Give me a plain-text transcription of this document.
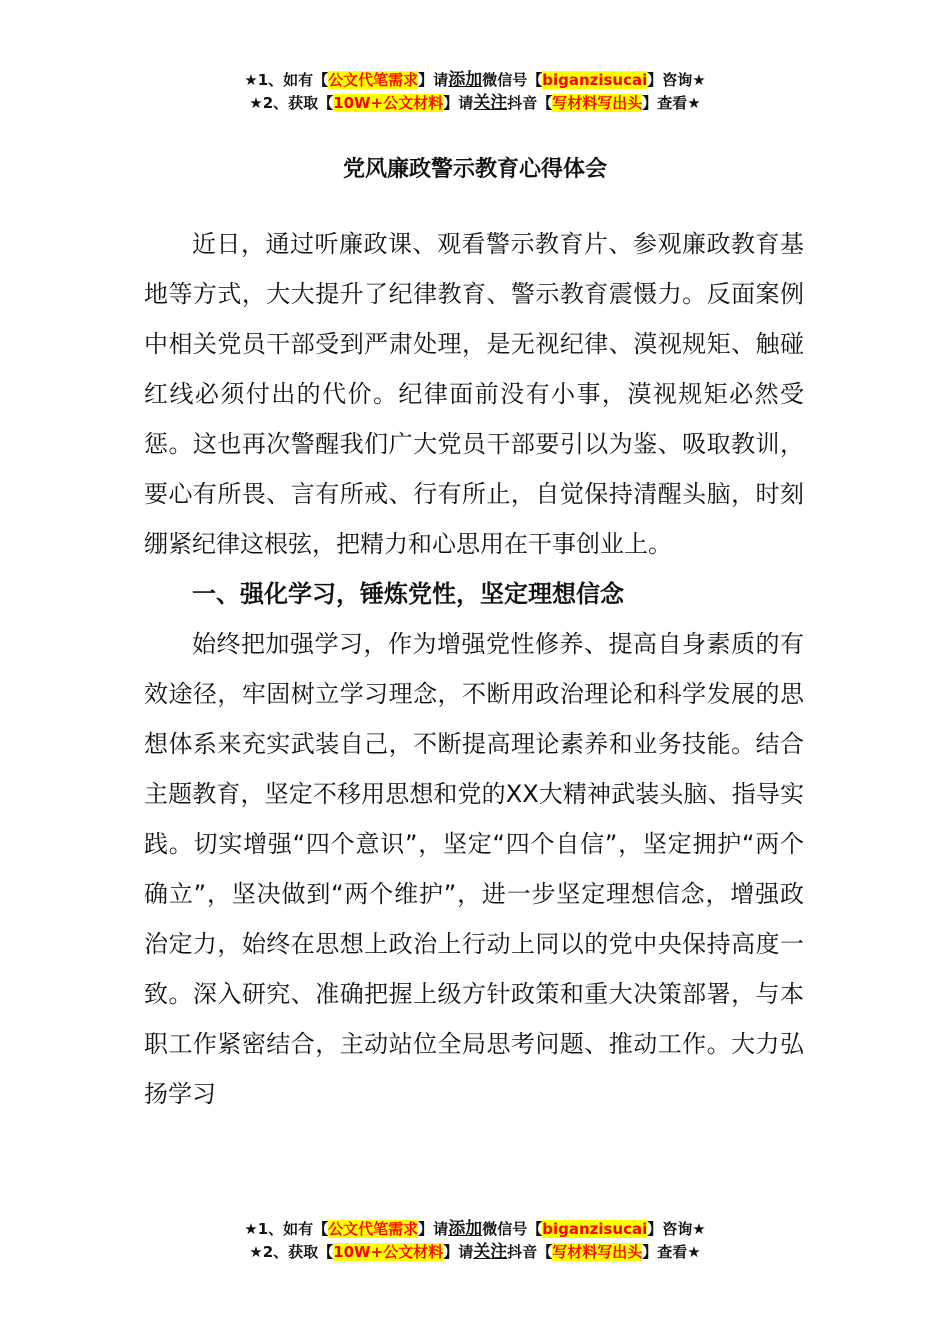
★1、如有【公文代笔需求】请添加微信号【biganzisucai】咨询★
★2、获取【10W+公文材料】请关注抖音【写材料写出头】查看★
党风廉政警示教育心得体会

近日，通过听廉政课、观看警示教育片、参观廉政教育基地等方式，大大提升了纪律教育、警示教育震慑力。反面案例中相关党员干部受到严肃处理，是无视纪律、漠视规矩、触碰红线必须付出的代价。纪律面前没有小事，漠视规矩必然受惩。这也再次警醒我们广大党员干部要引以为鉴、吸取教训，要心有所畏、言有所戒、行有所止，自觉保持清醒头脑，时刻绷紧纪律这根弦，把精力和心思用在干事创业上。

一、强化学习，锤炼党性，坚定理想信念

始终把加强学习，作为增强党性修养、提高自身素质的有效途径，牢固树立学习理念，不断用政治理论和科学发展的思想体系来充实武装自己，不断提高理论素养和业务技能。结合主题教育，坚定不移用思想和党的XX大精神武装头脑、指导实践。切实增强“四个意识”，坚定“四个自信”，坚定拥护“两个确立”，坚决做到“两个维护”，进一步坚定理想信念，增强政治定力，始终在思想上政治上行动上同以的党中央保持高度一致。深入研究、准确把握上级方针政策和重大决策部署，与本职工作紧密结合，主动站位全局思考问题、推动工作。大力弘扬学习

★1、如有【公文代笔需求】请添加微信号【biganzisucai】咨询★
★2、获取【10W+公文材料】请关注抖音【写材料写出头】查看★
